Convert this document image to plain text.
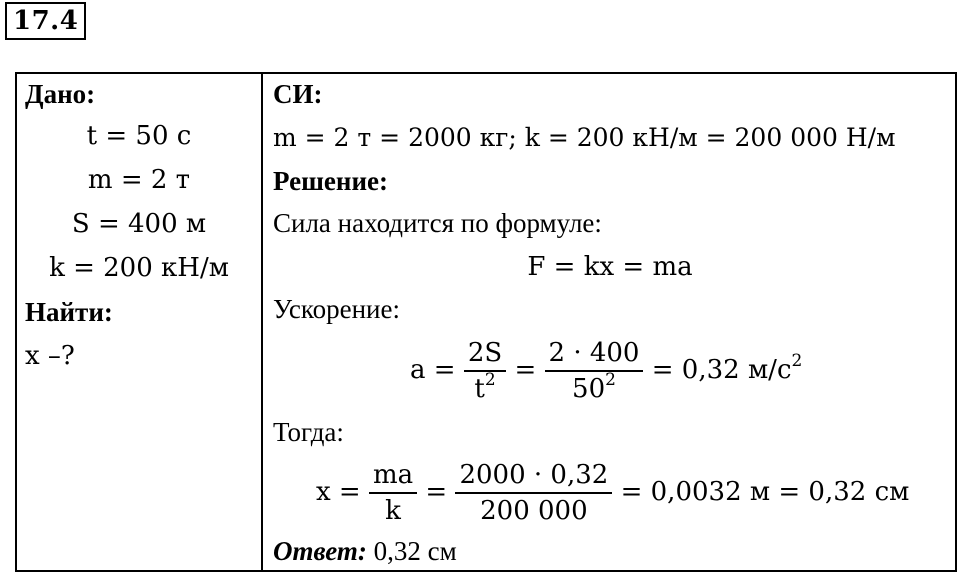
17.4
Дано:
t = 50 с
m = 2 т
S = 400 м
k = 200 кН/м
Найти:
x –?
СИ:
m = 2 т = 2000 кг; k = 200 кН/м = 200 000 Н/м
Решение:
Сила находится по формуле:
F = kx = ma
Ускорение:
$a = \frac{2S}{t^2} = \frac{2 \cdot 400}{50^2} = 0,32$ $м/с^2$
Тогда:
$x = \frac{ma}{k} = \frac{2000 \cdot 0,32}{200 000} = 0,0032$ м = 0,32 см
Ответ: 0,32 см
